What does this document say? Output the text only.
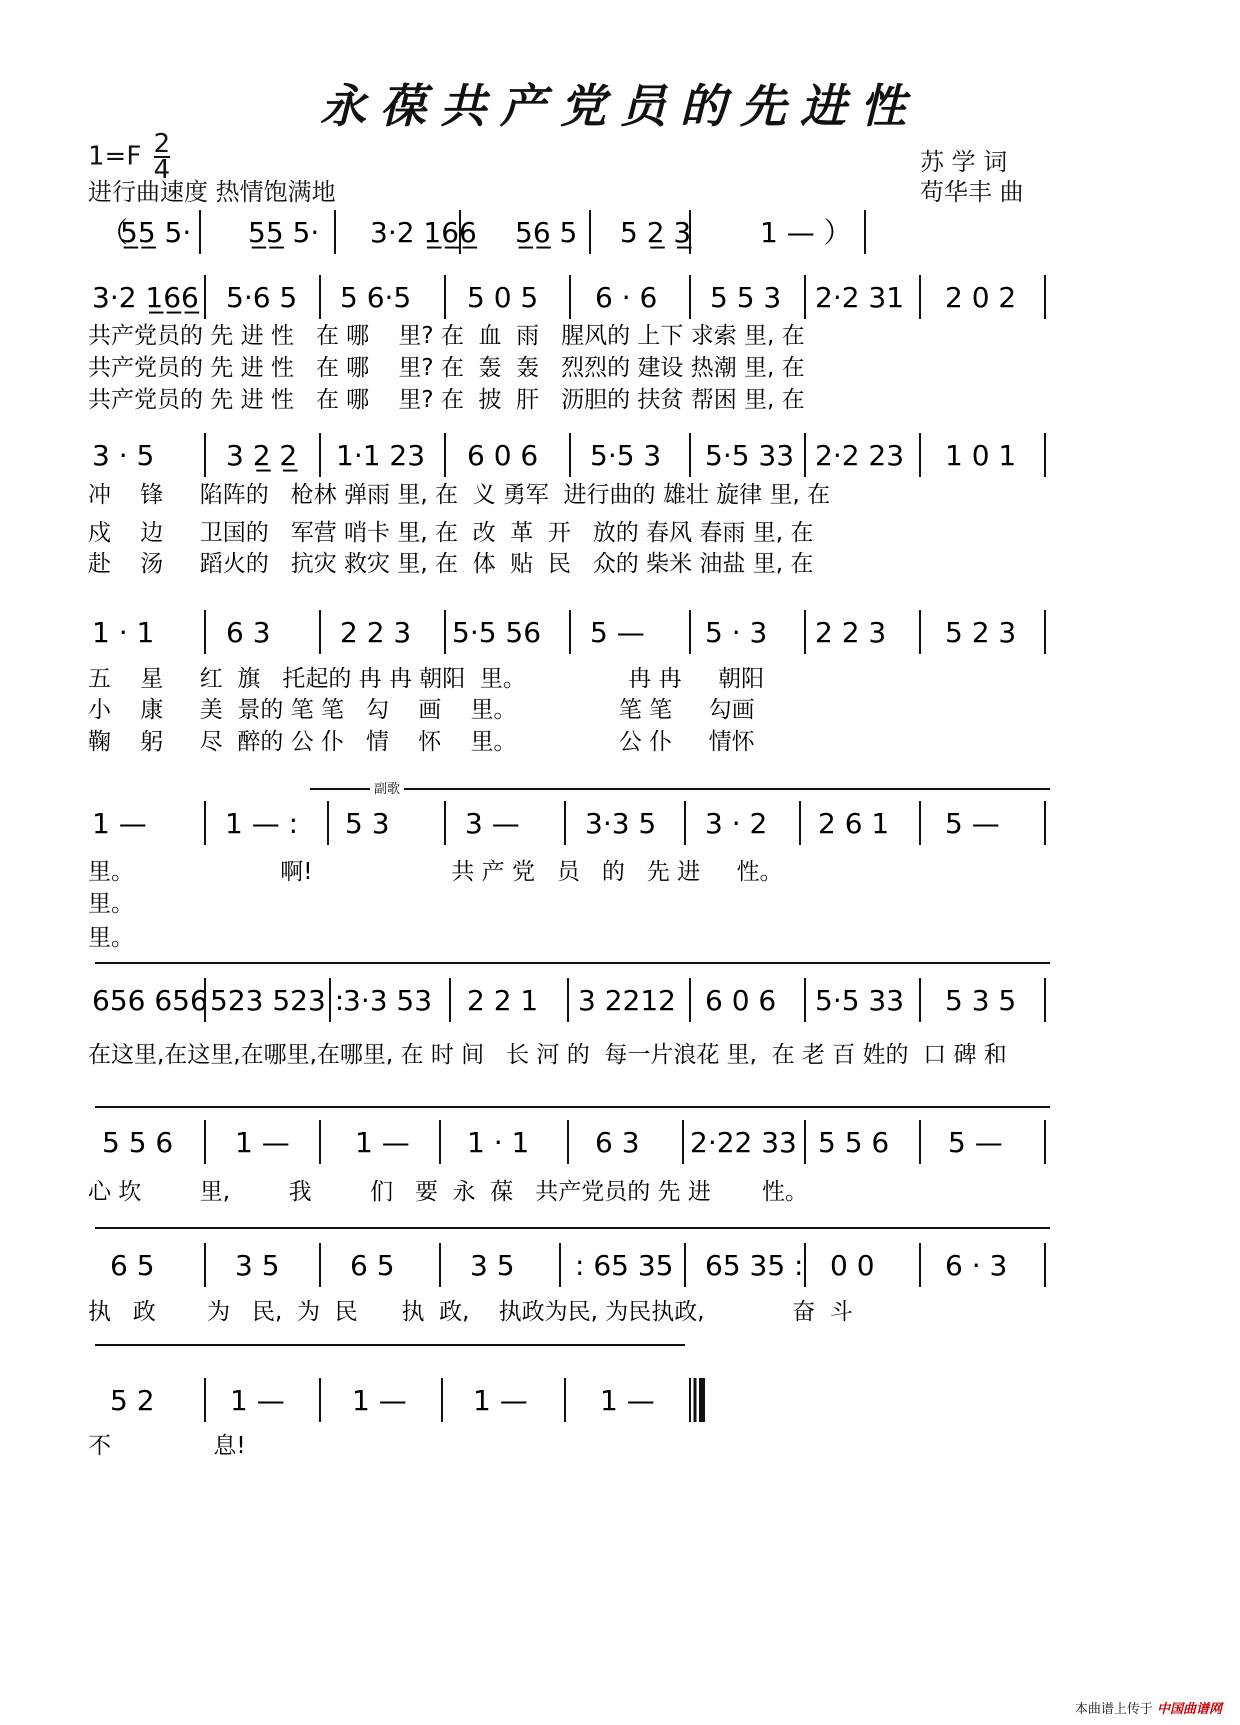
永葆共产党员的先进性
$1=F \frac{2}{4}$
进行曲速度 热情饱满地
苏 学 词
苟华丰 曲
副歌
（
5̲5̲ 5· 5̲5̲ 5· 3·2 1̲6̲6̲ 5̲6̲ 5 5 2̲ 3̲ 1 — ）
3·2 1̲6̲6̲ 5·6 5 5 6·5 5 0 5 6 · 6 5 5 3 2·2 31 2 0 2
3 · 5	3 2̲ 2̲ 1·1 23 6 0 6 5·5 3 5·5 33 2·2 23 1 0 1
1 · 1	6 3 2 2 3 5·5 56 5 — 5 · 3 2 2 3 5 2 3
1 —	1 — : 5 3	3 — 3·3 5 3 · 2 2 6 1 5 —
656 656 523 523 :
3·3 53 2 2 1 3 2212 6 0 6 5·5 33 5 3 5
5 5 6 1 — 1 — 1 · 1 6 3 2·22 33 5 5 6 5 —
6 5	3 5	6 5	3 5 : 65 35 65 35 : 0 0	6 · 3
5 2	1 — 1 — 1 —	1 —
共产党员的 先 进 性   在 哪    里? 在  血  雨   腥风的 上下 求索 里, 在
共产党员的 先 进 性   在 哪    里? 在  轰  轰   烈烈的 建设 热潮 里, 在
共产党员的 先 进 性   在 哪    里? 在  披  肝   沥胆的 扶贫 帮困 里, 在
冲    锋     陷阵的   枪林 弹雨 里, 在  义 勇军  进行曲的 雄壮 旋律 里, 在
戍    边     卫国的   军营 哨卡 里, 在  改  革  开   放的 春风 春雨 里, 在
赴    汤     蹈火的   抗灾 救灾 里, 在  体  贴  民   众的 柴米 油盐 里, 在
五    星     红  旗   托起的 冉 冉 朝阳  里。              冉 冉     朝阳
小    康     美  景的 笔 笔   勾    画    里。              笔 笔     勾画
鞠    躬     尽  醉的 公 仆   情    怀    里。              公 仆     情怀
里。                    啊!                   共 产 党   员   的   先 进     性。
里。
里。
在这里,在这里,在哪里,在哪里, 在 时 间   长 河 的  每一片浪花 里,  在 老 百 姓的  口 碑 和
心 坎        里,        我        们   要  永  葆   共产党员的 先 进       性。
执   政       为   民,  为  民      执  政,    执政为民, 为民执政,            奋  斗
不              息!
本曲谱上传于 中国曲谱网
